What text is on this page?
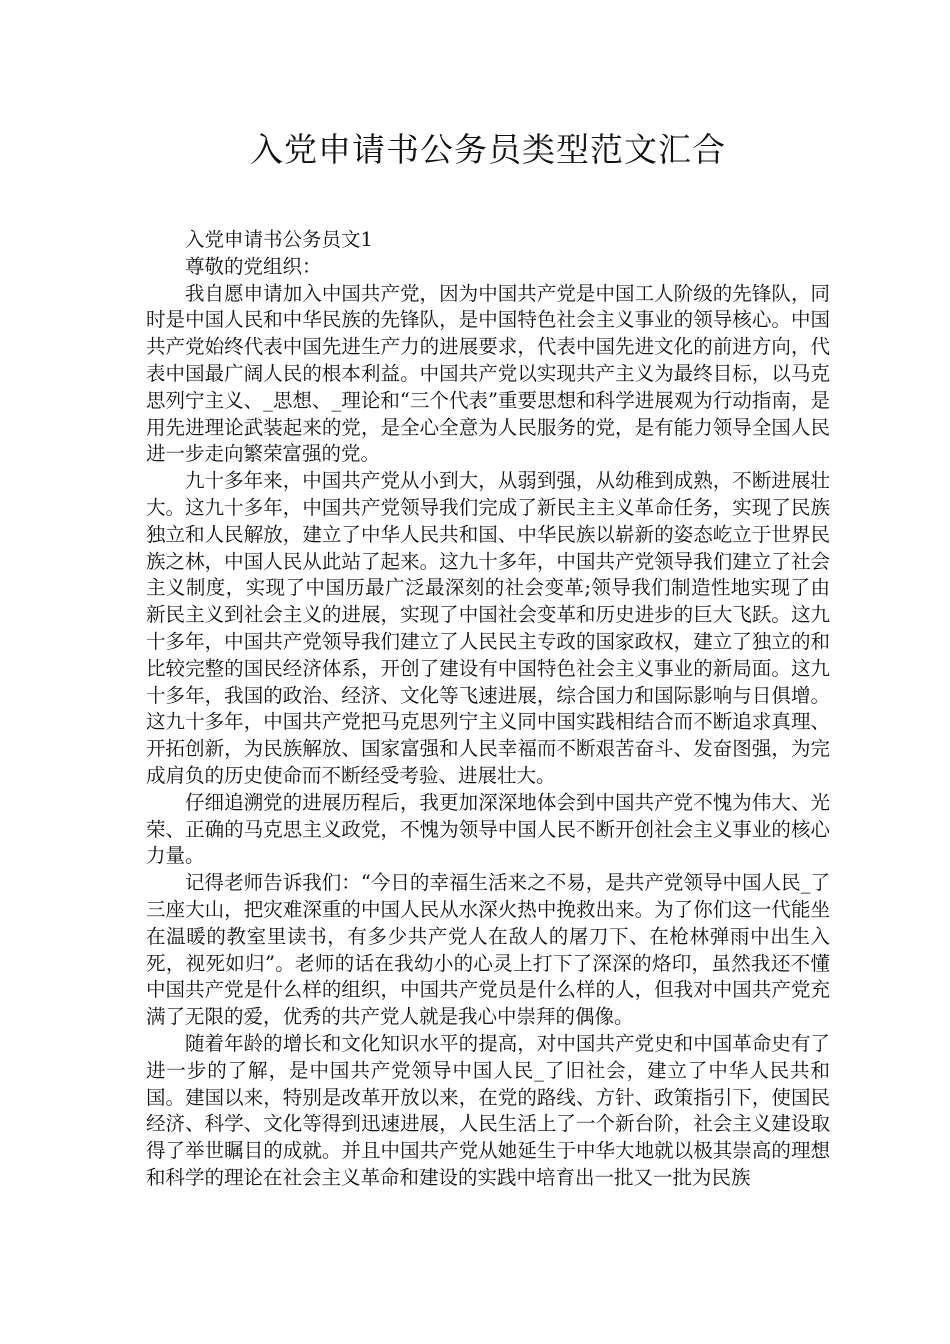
入党申请书公务员类型范文汇合

入党申请书公务员文1

尊敬的党组织：

我自愿申请加入中国共产党，因为中国共产党是中国工人阶级的先锋队，同时是中国人民和中华民族的先锋队，是中国特色社会主义事业的领导核心。中国共产党始终代表中国先进生产力的进展要求，代表中国先进文化的前进方向，代表中国最广阔人民的根本利益。中国共产党以实现共产主义为最终目标，以马克思列宁主义、_思想、_理论和“三个代表”重要思想和科学进展观为行动指南，是用先进理论武装起来的党，是全心全意为人民服务的党，是有能力领导全国人民进一步走向繁荣富强的党。

九十多年来，中国共产党从小到大，从弱到强，从幼稚到成熟，不断进展壮大。这九十多年，中国共产党领导我们完成了新民主主义革命任务，实现了民族独立和人民解放，建立了中华人民共和国、中华民族以崭新的姿态屹立于世界民族之林，中国人民从此站了起来。这九十多年，中国共产党领导我们建立了社会主义制度，实现了中国历最广泛最深刻的社会变革;领导我们制造性地实现了由新民主义到社会主义的进展，实现了中国社会变革和历史进步的巨大飞跃。这九十多年，中国共产党领导我们建立了人民民主专政的国家政权，建立了独立的和比较完整的国民经济体系，开创了建设有中国特色社会主义事业的新局面。这九十多年，我国的政治、经济、文化等飞速进展，综合国力和国际影响与日俱增。这九十多年，中国共产党把马克思列宁主义同中国实践相结合而不断追求真理、开拓创新，为民族解放、国家富强和人民幸福而不断艰苦奋斗、发奋图强，为完成肩负的历史使命而不断经受考验、进展壮大。

仔细追溯党的进展历程后，我更加深深地体会到中国共产党不愧为伟大、光荣、正确的马克思主义政党，不愧为领导中国人民不断开创社会主义事业的核心力量。

记得老师告诉我们：“今日的幸福生活来之不易，是共产党领导中国人民_了三座大山，把灾难深重的中国人民从水深火热中挽救出来。为了你们这一代能坐在温暖的教室里读书，有多少共产党人在敌人的屠刀下、在枪林弹雨中出生入死，视死如归”。老师的话在我幼小的心灵上打下了深深的烙印，虽然我还不懂中国共产党是什么样的组织，中国共产党员是什么样的人，但我对中国共产党充满了无限的爱，优秀的共产党人就是我心中崇拜的偶像。

随着年龄的增长和文化知识水平的提高，对中国共产党史和中国革命史有了进一步的了解，是中国共产党领导中国人民_了旧社会，建立了中华人民共和国。建国以来，特别是改革开放以来，在党的路线、方针、政策指引下，使国民经济、科学、文化等得到迅速进展，人民生活上了一个新台阶，社会主义建设取得了举世瞩目的成就。并且中国共产党从她延生于中华大地就以极其崇高的理想和科学的理论在社会主义革命和建设的实践中培育出一批又一批为民族
